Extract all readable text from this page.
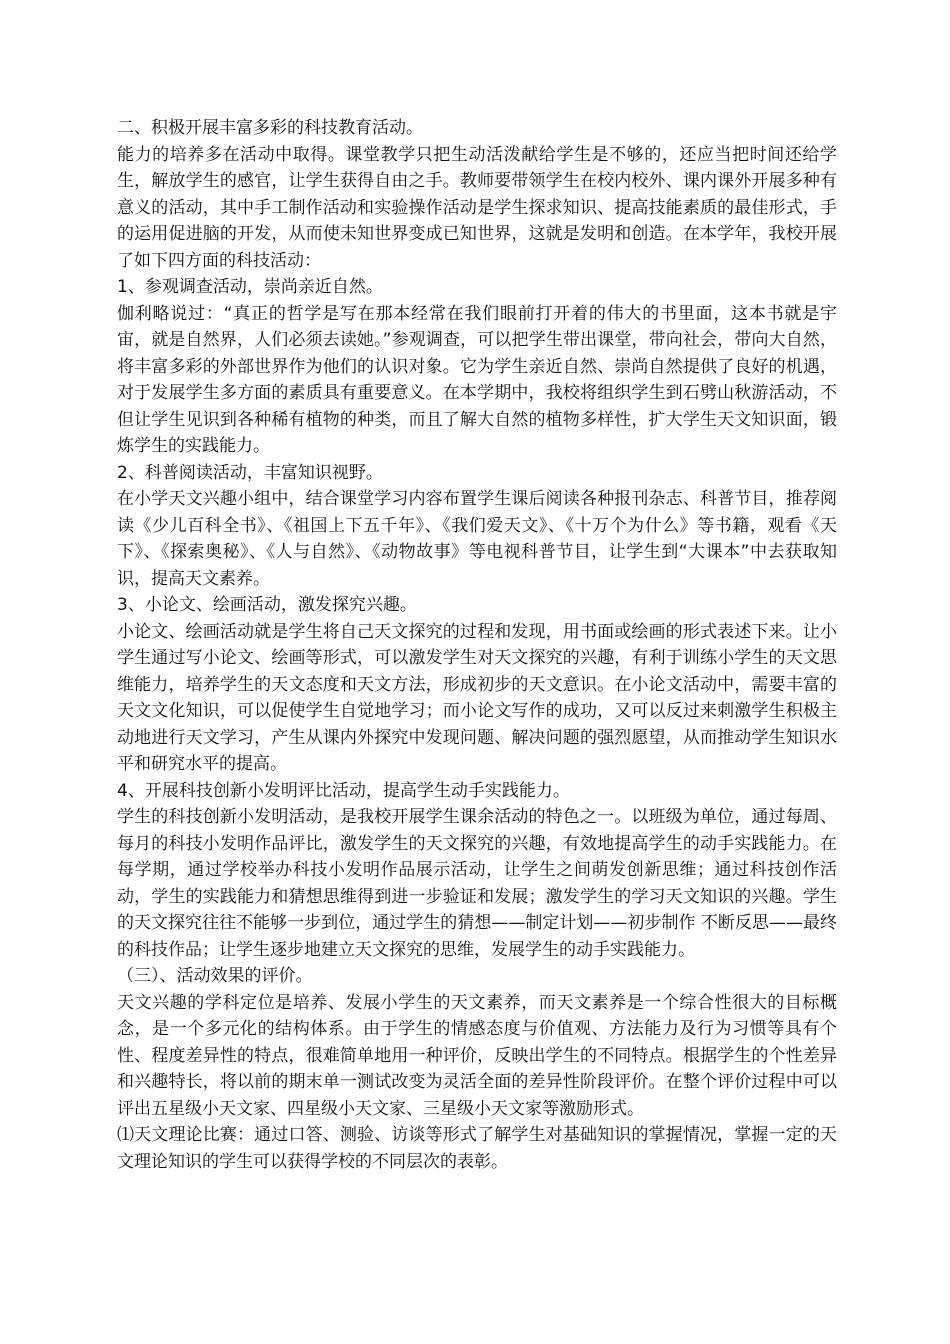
二、积极开展丰富多彩的科技教育活动。

能力的培养多在活动中取得。课堂教学只把生动活泼献给学生是不够的，还应当把时间还给学生，解放学生的感官，让学生获得自由之手。教师要带领学生在校内校外、课内课外开展多种有意义的活动，其中手工制作活动和实验操作活动是学生探求知识、提高技能素质的最佳形式，手的运用促进脑的开发，从而使未知世界变成已知世界，这就是发明和创造。在本学年，我校开展了如下四方面的科技活动：

1、参观调查活动，崇尚亲近自然。

伽利略说过：“真正的哲学是写在那本经常在我们眼前打开着的伟大的书里面，这本书就是宇宙，就是自然界，人们必须去读她。”参观调查，可以把学生带出课堂，带向社会，带向大自然，将丰富多彩的外部世界作为他们的认识对象。它为学生亲近自然、崇尚自然提供了良好的机遇，对于发展学生多方面的素质具有重要意义。在本学期中，我校将组织学生到石劈山秋游活动，不但让学生见识到各种稀有植物的种类，而且了解大自然的植物多样性，扩大学生天文知识面，锻炼学生的实践能力。

2、科普阅读活动，丰富知识视野。

在小学天文兴趣小组中，结合课堂学习内容布置学生课后阅读各种报刊杂志、科普节目，推荐阅读《少儿百科全书》、《祖国上下五千年》、《我们爱天文》、《十万个为什么》等书籍，观看《天下》、《探索奥秘》、《人与自然》、《动物故事》等电视科普节目，让学生到“大课本”中去获取知识，提高天文素养。

3、小论文、绘画活动，激发探究兴趣。

小论文、绘画活动就是学生将自己天文探究的过程和发现，用书面或绘画的形式表述下来。让小学生通过写小论文、绘画等形式，可以激发学生对天文探究的兴趣，有利于训练小学生的天文思维能力，培养学生的天文态度和天文方法，形成初步的天文意识。在小论文活动中，需要丰富的天文文化知识，可以促使学生自觉地学习；而小论文写作的成功，又可以反过来刺激学生积极主动地进行天文学习，产生从课内外探究中发现问题、解决问题的强烈愿望，从而推动学生知识水平和研究水平的提高。

4、开展科技创新小发明评比活动，提高学生动手实践能力。

学生的科技创新小发明活动，是我校开展学生课余活动的特色之一。以班级为单位，通过每周、每月的科技小发明作品评比，激发学生的天文探究的兴趣，有效地提高学生的动手实践能力。在每学期，通过学校举办科技小发明作品展示活动，让学生之间萌发创新思维；通过科技创作活动，学生的实践能力和猜想思维得到进一步验证和发展；激发学生的学习天文知识的兴趣。学生的天文探究往往不能够一步到位，通过学生的猜想——制定计划——初步制作 不断反思——最终的科技作品；让学生逐步地建立天文探究的思维，发展学生的动手实践能力。

（三）、活动效果的评价。

天文兴趣的学科定位是培养、发展小学生的天文素养，而天文素养是一个综合性很大的目标概念，是一个多元化的结构体系。由于学生的情感态度与价值观、方法能力及行为习惯等具有个性、程度差异性的特点，很难简单地用一种评价，反映出学生的不同特点。根据学生的个性差异和兴趣特长，将以前的期末单一测试改变为灵活全面的差异性阶段评价。在整个评价过程中可以评出五星级小天文家、四星级小天文家、三星级小天文家等激励形式。

⑴天文理论比赛：通过口答、测验、访谈等形式了解学生对基础知识的掌握情况，掌握一定的天文理论知识的学生可以获得学校的不同层次的表彰。
